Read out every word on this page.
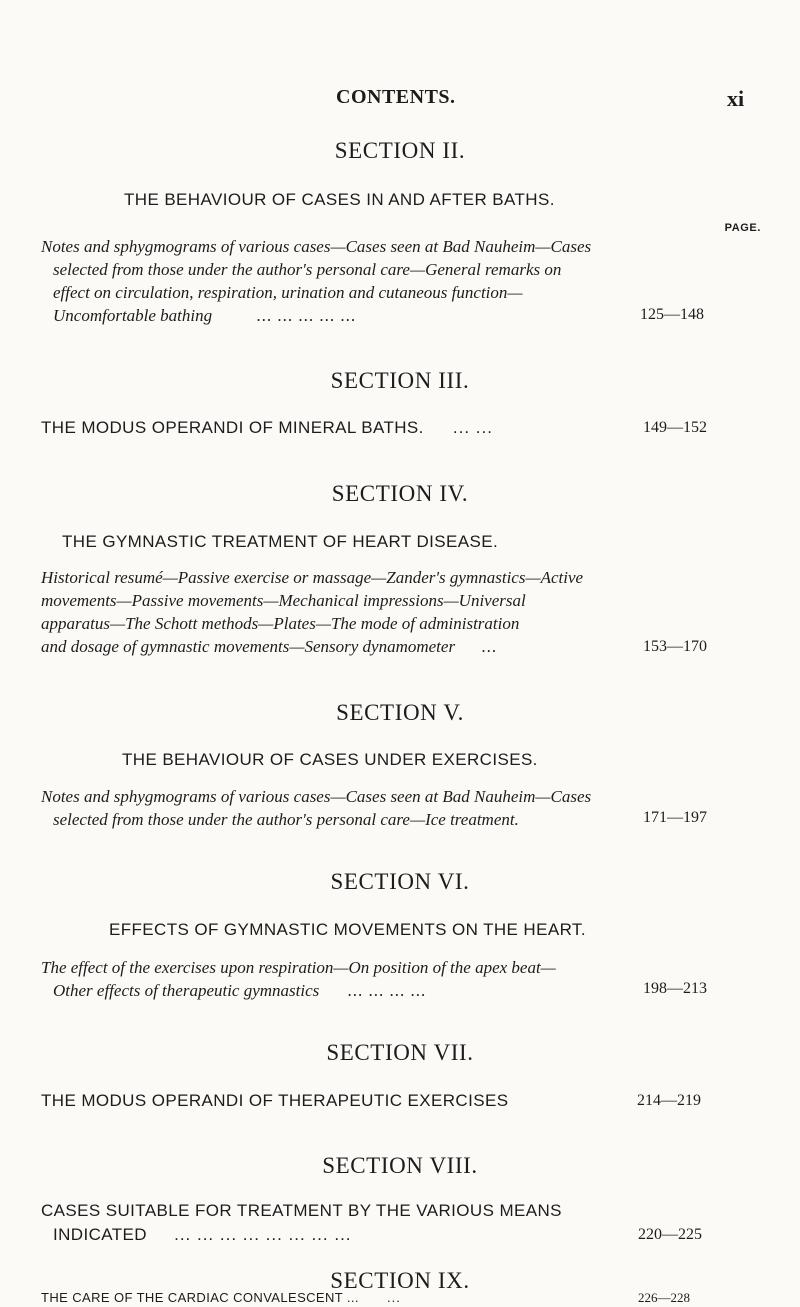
CONTENTS.	xi
SECTION II.
THE BEHAVIOUR OF CASES IN AND AFTER BATHS.
PAGE.
Notes and sphygmograms of various cases—Cases seen at Bad Nauheim—Cases
selected from those under the author's personal care—General remarks on
effect on circulation, respiration, urination and cutaneous function—
Uncomfortable bathing	... ... ... ... ...	125—148
SECTION III.
THE MODUS OPERANDI OF MINERAL BATHS. ... ...	149—152
SECTION IV.
THE GYMNASTIC TREATMENT OF HEART DISEASE.
Historical resumé—Passive exercise or massage—Zander's gymnastics—Active
movements—Passive movements—Mechanical impressions—Universal
apparatus—The Schott methods—Plates—The mode of administration
and dosage of gymnastic movements—Sensory dynamometer ...	153—170
SECTION V.
THE BEHAVIOUR OF CASES UNDER EXERCISES.
Notes and sphygmograms of various cases—Cases seen at Bad Nauheim—Cases
selected from those under the author's personal care—Ice treatment.	171—197
SECTION VI.
EFFECTS OF GYMNASTIC MOVEMENTS ON THE HEART.
The effect of the exercises upon respiration—On position of the apex beat—
Other effects of therapeutic gymnastics ... ... ... ...	198—213
SECTION VII.
THE MODUS OPERANDI OF THERAPEUTIC EXERCISES	214—219
SECTION VIII.
CASES SUITABLE FOR TREATMENT BY THE VARIOUS MEANS
INDICATED ... ... ... ... ... ... ... ...	220—225
SECTION IX.
THE CARE OF THE CARDIAC CONVALESCENT ... ...	226—228
